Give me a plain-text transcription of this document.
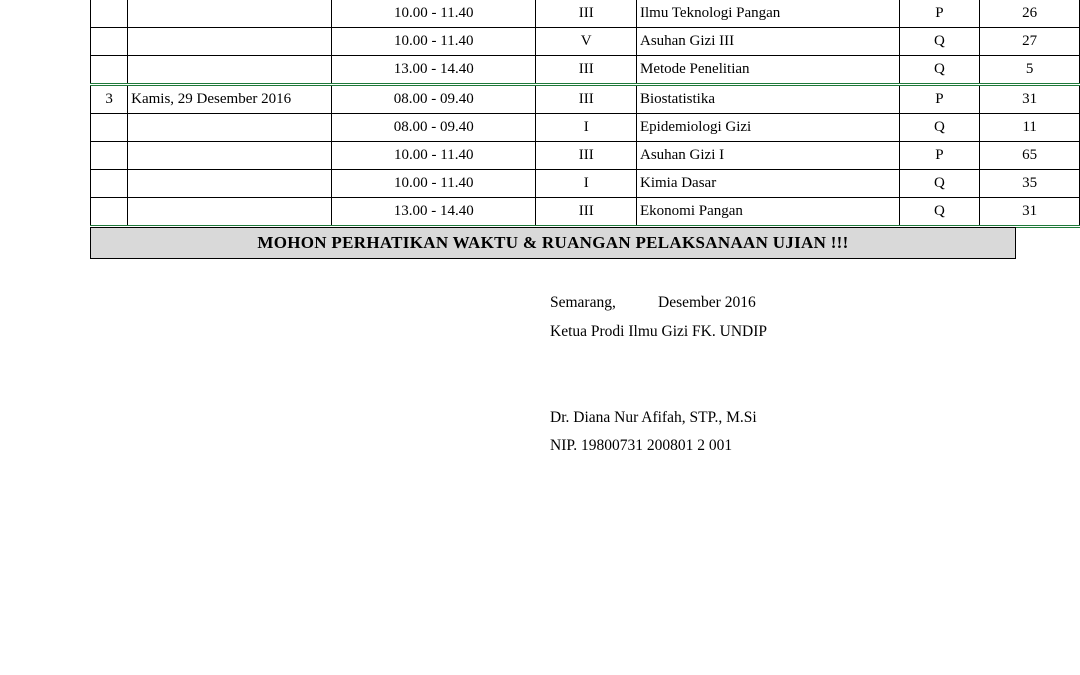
		10.00 - 11.40	III	Ilmu Teknologi Pangan	P	26
		10.00 - 11.40	V	Asuhan Gizi III	Q	27
		13.00 - 14.40	III	Metode Penelitian	Q	5
3	Kamis, 29 Desember 2016	08.00 - 09.40	III	Biostatistika	P	31
		08.00 - 09.40	I	Epidemiologi Gizi	Q	11
		10.00 - 11.40	III	Asuhan Gizi I	P	65
		10.00 - 11.40	I	Kimia Dasar	Q	35
		13.00 - 14.40	III	Ekonomi Pangan	Q	31
MOHON PERHATIKAN WAKTU & RUANGAN PELAKSANAAN UJIAN !!!
Semarang,	Desember 2016
Ketua Prodi Ilmu Gizi FK. UNDIP
Dr. Diana Nur Afifah, STP., M.Si
NIP. 19800731 200801 2 001
